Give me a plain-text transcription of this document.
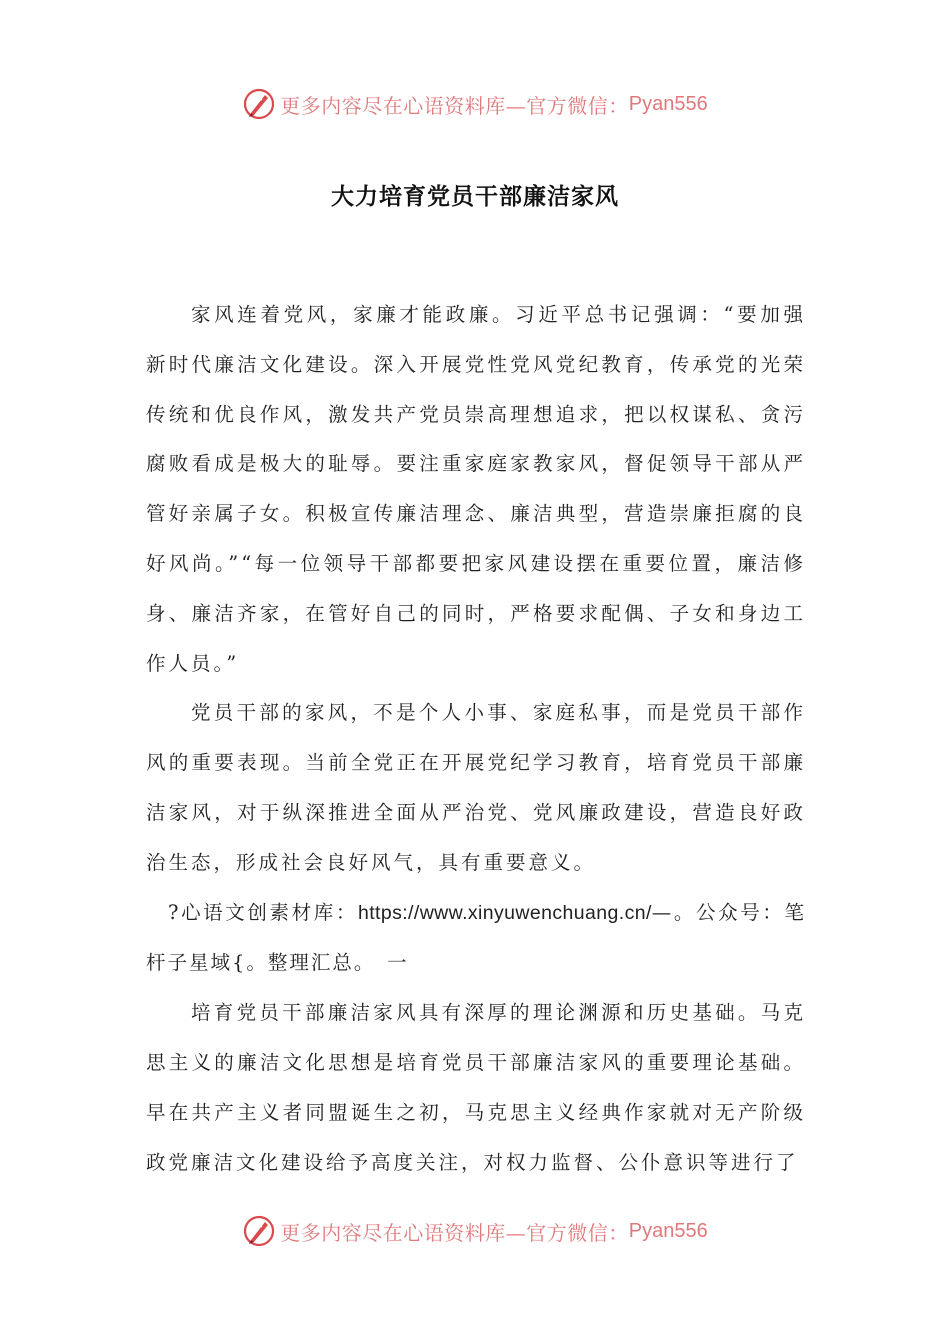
更多内容尽在心语资料库—官方微信： Pyan556
大力培育党员干部廉洁家风

家风连着党风，家廉才能政廉。习近平总书记强调：“要加强新时代廉洁文化建设。深入开展党性党风党纪教育，传承党的光荣传统和优良作风，激发共产党员崇高理想追求，把以权谋私、贪污腐败看成是极大的耻辱。要注重家庭家教家风，督促领导干部从严管好亲属子女。积极宣传廉洁理念、廉洁典型，营造崇廉拒腐的良好风尚。”“每一位领导干部都要把家风建设摆在重要位置，廉洁修身、廉洁齐家，在管好自己的同时，严格要求配偶、子女和身边工作人员。”

党员干部的家风，不是个人小事、家庭私事，而是党员干部作风的重要表现。当前全党正在开展党纪学习教育，培育党员干部廉洁家风，对于纵深推进全面从严治党、党风廉政建设，营造良好政治生态，形成社会良好风气，具有重要意义。

?心语文创素材库：https://www.xinyuwenchuang.cn/—。公众号：笔杆子星域{。整理汇总。　一

培育党员干部廉洁家风具有深厚的理论渊源和历史基础。马克思主义的廉洁文化思想是培育党员干部廉洁家风的重要理论基础。早在共产主义者同盟诞生之初，马克思主义经典作家就对无产阶级政党廉洁文化建设给予高度关注，对权力监督、公仆意识等进行了

更多内容尽在心语资料库—官方微信： Pyan556
